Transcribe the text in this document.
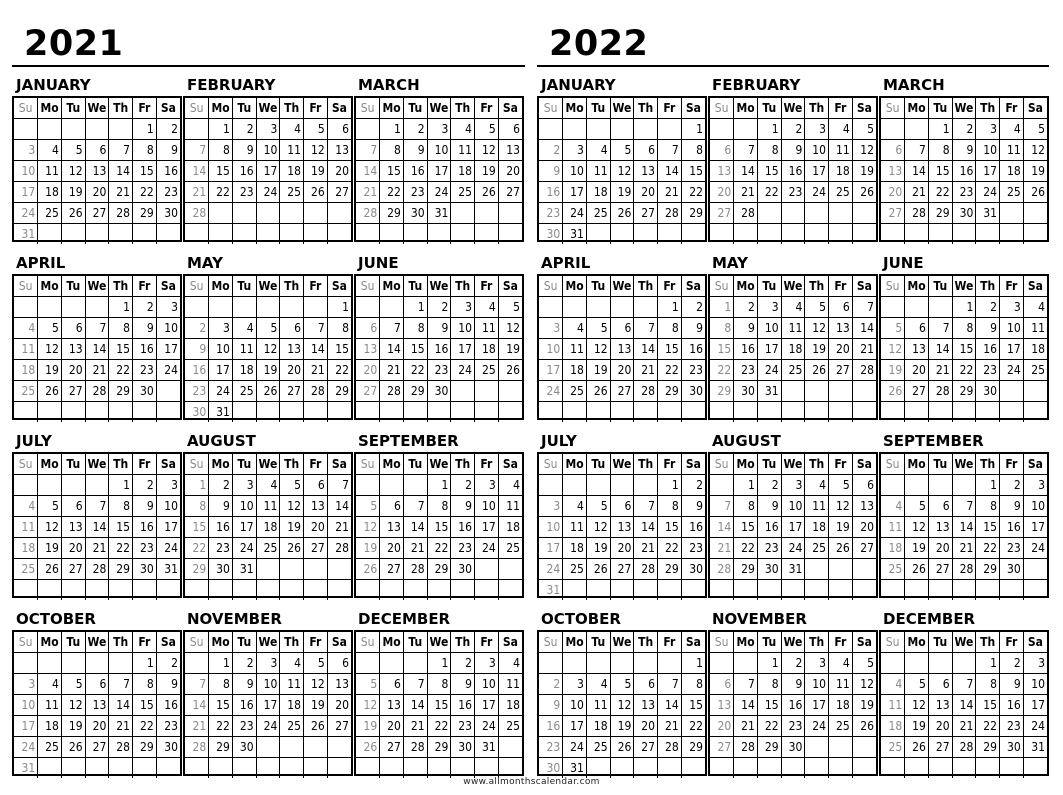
2021
JANUARY
Su	Mo	Tu	We	Th	Fr	Sa
					1	2
3	4	5	6	7	8	9
10	11	12	13	14	15	16
17	18	19	20	21	22	23
24	25	26	27	28	29	30
31						
FEBRUARY
Su	Mo	Tu	We	Th	Fr	Sa
	1	2	3	4	5	6
7	8	9	10	11	12	13
14	15	16	17	18	19	20
21	22	23	24	25	26	27
28						

MARCH
Su	Mo	Tu	We	Th	Fr	Sa
	1	2	3	4	5	6
7	8	9	10	11	12	13
14	15	16	17	18	19	20
21	22	23	24	25	26	27
28	29	30	31			

APRIL
Su	Mo	Tu	We	Th	Fr	Sa
				1	2	3
4	5	6	7	8	9	10
11	12	13	14	15	16	17
18	19	20	21	22	23	24
25	26	27	28	29	30	

MAY
Su	Mo	Tu	We	Th	Fr	Sa
						1
2	3	4	5	6	7	8
9	10	11	12	13	14	15
16	17	18	19	20	21	22
23	24	25	26	27	28	29
30	31					
JUNE
Su	Mo	Tu	We	Th	Fr	Sa
		1	2	3	4	5
6	7	8	9	10	11	12
13	14	15	16	17	18	19
20	21	22	23	24	25	26
27	28	29	30			

JULY
Su	Mo	Tu	We	Th	Fr	Sa
				1	2	3
4	5	6	7	8	9	10
11	12	13	14	15	16	17
18	19	20	21	22	23	24
25	26	27	28	29	30	31

AUGUST
Su	Mo	Tu	We	Th	Fr	Sa
1	2	3	4	5	6	7
8	9	10	11	12	13	14
15	16	17	18	19	20	21
22	23	24	25	26	27	28
29	30	31				

SEPTEMBER
Su	Mo	Tu	We	Th	Fr	Sa
			1	2	3	4
5	6	7	8	9	10	11
12	13	14	15	16	17	18
19	20	21	22	23	24	25
26	27	28	29	30		

OCTOBER
Su	Mo	Tu	We	Th	Fr	Sa
					1	2
3	4	5	6	7	8	9
10	11	12	13	14	15	16
17	18	19	20	21	22	23
24	25	26	27	28	29	30
31						
NOVEMBER
Su	Mo	Tu	We	Th	Fr	Sa
	1	2	3	4	5	6
7	8	9	10	11	12	13
14	15	16	17	18	19	20
21	22	23	24	25	26	27
28	29	30				

DECEMBER
Su	Mo	Tu	We	Th	Fr	Sa
			1	2	3	4
5	6	7	8	9	10	11
12	13	14	15	16	17	18
19	20	21	22	23	24	25
26	27	28	29	30	31	

2022
JANUARY
Su	Mo	Tu	We	Th	Fr	Sa
						1
2	3	4	5	6	7	8
9	10	11	12	13	14	15
16	17	18	19	20	21	22
23	24	25	26	27	28	29
30	31					
FEBRUARY
Su	Mo	Tu	We	Th	Fr	Sa
		1	2	3	4	5
6	7	8	9	10	11	12
13	14	15	16	17	18	19
20	21	22	23	24	25	26
27	28					

MARCH
Su	Mo	Tu	We	Th	Fr	Sa
		1	2	3	4	5
6	7	8	9	10	11	12
13	14	15	16	17	18	19
20	21	22	23	24	25	26
27	28	29	30	31		

APRIL
Su	Mo	Tu	We	Th	Fr	Sa
					1	2
3	4	5	6	7	8	9
10	11	12	13	14	15	16
17	18	19	20	21	22	23
24	25	26	27	28	29	30

MAY
Su	Mo	Tu	We	Th	Fr	Sa
1	2	3	4	5	6	7
8	9	10	11	12	13	14
15	16	17	18	19	20	21
22	23	24	25	26	27	28
29	30	31				

JUNE
Su	Mo	Tu	We	Th	Fr	Sa
			1	2	3	4
5	6	7	8	9	10	11
12	13	14	15	16	17	18
19	20	21	22	23	24	25
26	27	28	29	30		

JULY
Su	Mo	Tu	We	Th	Fr	Sa
					1	2
3	4	5	6	7	8	9
10	11	12	13	14	15	16
17	18	19	20	21	22	23
24	25	26	27	28	29	30
31						
AUGUST
Su	Mo	Tu	We	Th	Fr	Sa
	1	2	3	4	5	6
7	8	9	10	11	12	13
14	15	16	17	18	19	20
21	22	23	24	25	26	27
28	29	30	31			

SEPTEMBER
Su	Mo	Tu	We	Th	Fr	Sa
				1	2	3
4	5	6	7	8	9	10
11	12	13	14	15	16	17
18	19	20	21	22	23	24
25	26	27	28	29	30	

OCTOBER
Su	Mo	Tu	We	Th	Fr	Sa
						1
2	3	4	5	6	7	8
9	10	11	12	13	14	15
16	17	18	19	20	21	22
23	24	25	26	27	28	29
30	31					
NOVEMBER
Su	Mo	Tu	We	Th	Fr	Sa
		1	2	3	4	5
6	7	8	9	10	11	12
13	14	15	16	17	18	19
20	21	22	23	24	25	26
27	28	29	30			

DECEMBER
Su	Mo	Tu	We	Th	Fr	Sa
				1	2	3
4	5	6	7	8	9	10
11	12	13	14	15	16	17
18	19	20	21	22	23	24
25	26	27	28	29	30	31

www.allmonthscalendar.com
